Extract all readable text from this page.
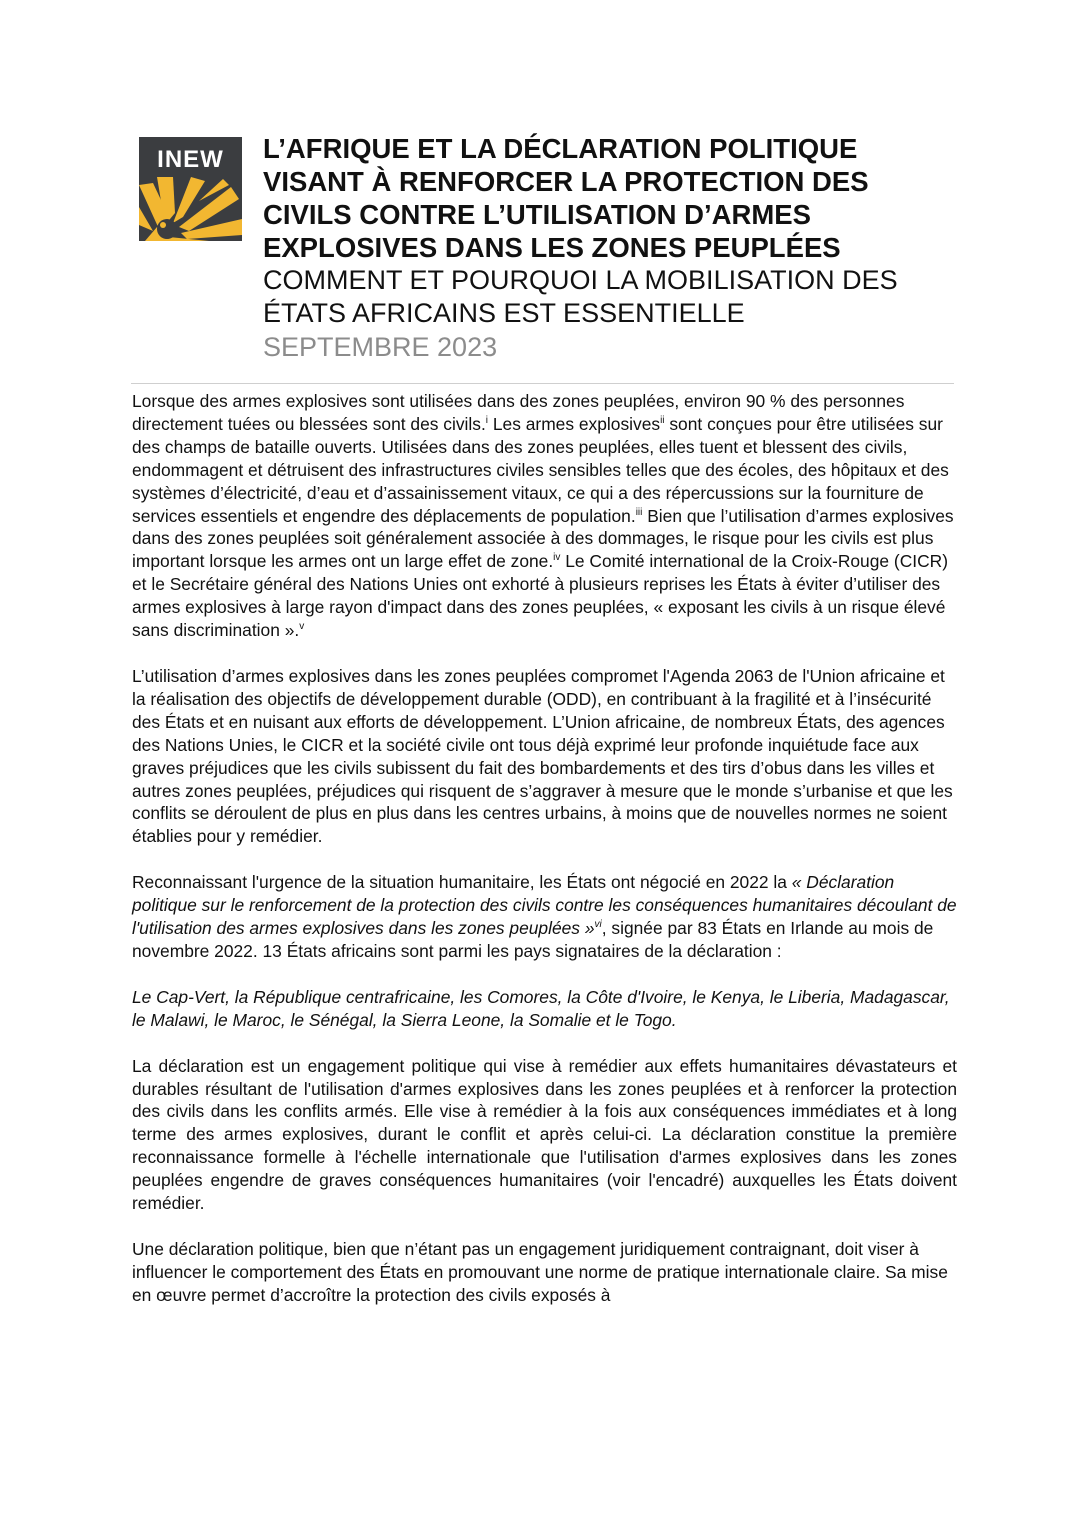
INEW	L’AFRIQUE ET LA DÉCLARATION POLITIQUE
VISANT À RENFORCER LA PROTECTION DES
CIVILS CONTRE L’UTILISATION D’ARMES
EXPLOSIVES DANS LES ZONES PEUPLÉES
COMMENT ET POURQUOI LA MOBILISATION DES
ÉTATS AFRICAINS EST ESSENTIELLE
SEPTEMBRE 2023

Lorsque des armes explosives sont utilisées dans des zones peuplées, environ 90 % des personnes directement tuées ou blessées sont des civils.$^i$ Les armes explosives$^{ii}$ sont conçues pour être utilisées sur des champs de bataille ouverts. Utilisées dans des zones peuplées, elles tuent et blessent des civils, endommagent et détruisent des infrastructures civiles sensibles telles que des écoles, des hôpitaux et des systèmes d’électricité, d’eau et d’assainissement vitaux, ce qui a des répercussions sur la fourniture de services essentiels et engendre des déplacements de population.$^{iii}$ Bien que l’utilisation d’armes explosives dans des zones peuplées soit généralement associée à des dommages, le risque pour les civils est plus important lorsque les armes ont un large effet de zone.$^{iv}$ Le Comité international de la Croix-Rouge (CICR) et le Secrétaire général des Nations Unies ont exhorté à plusieurs reprises les États à éviter d’utiliser des armes explosives à large rayon d'impact dans des zones peuplées, « exposant les civils à un risque élevé sans discrimination ».$^v$

L’utilisation d’armes explosives dans les zones peuplées compromet l'Agenda 2063 de l'Union africaine et la réalisation des objectifs de développement durable (ODD), en contribuant à la fragilité et à l’insécurité des États et en nuisant aux efforts de développement. L’Union africaine, de nombreux États, des agences des Nations Unies, le CICR et la société civile ont tous déjà exprimé leur profonde inquiétude face aux graves préjudices que les civils subissent du fait des bombardements et des tirs d’obus dans les villes et autres zones peuplées, préjudices qui risquent de s’aggraver à mesure que le monde s’urbanise et que les conflits se déroulent de plus en plus dans les centres urbains, à moins que de nouvelles normes ne soient établies pour y remédier.

Reconnaissant l'urgence de la situation humanitaire, les États ont négocié en 2022 la « Déclaration politique sur le renforcement de la protection des civils contre les conséquences humanitaires découlant de l'utilisation des armes explosives dans les zones peuplées »$^{vi}$, signée par 83 États en Irlande au mois de novembre 2022. 13 États africains sont parmi les pays signataires de la déclaration :

Le Cap-Vert, la République centrafricaine, les Comores, la Côte d'Ivoire, le Kenya, le Liberia, Madagascar, le Malawi, le Maroc, le Sénégal, la Sierra Leone, la Somalie et le Togo.

La déclaration est un engagement politique qui vise à remédier aux effets humanitaires dévastateurs et durables résultant de l'utilisation d'armes explosives dans les zones peuplées et à renforcer la protection des civils dans les conflits armés. Elle vise à remédier à la fois aux conséquences immédiates et à long terme des armes explosives, durant le conflit et après celui-ci. La déclaration constitue la première reconnaissance formelle à l'échelle internationale que l'utilisation d'armes explosives dans les zones peuplées engendre de graves conséquences humanitaires (voir l'encadré) auxquelles les États doivent remédier.

Une déclaration politique, bien que n’étant pas un engagement juridiquement contraignant, doit viser à influencer le comportement des États en promouvant une norme de pratique internationale claire. Sa mise en œuvre permet d’accroître la protection des civils exposés à
